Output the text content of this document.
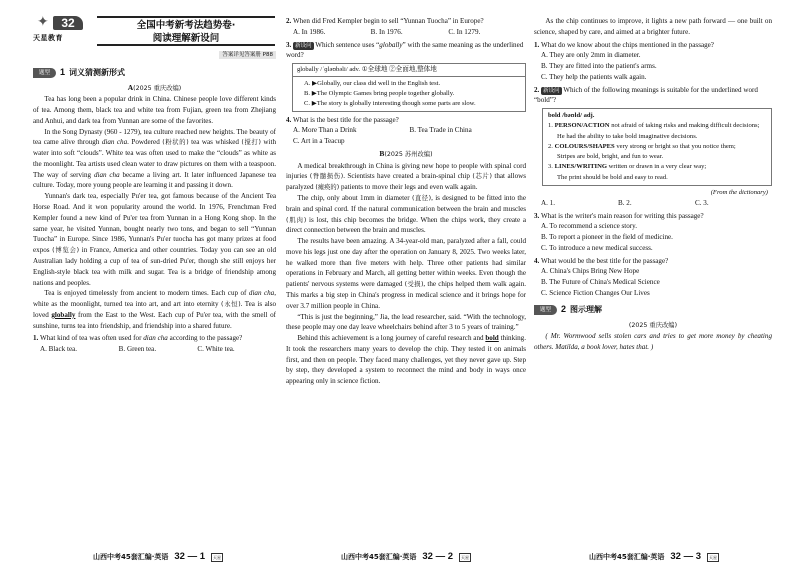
✦	32
天星教育
全国中考新考法趋势卷·
阅读理解新设问
答案详见答案册 P88
题型	1 词义猜测新形式
A(2025 重庆改编)

Tea has long been a popular drink in China. Chinese people love different kinds of tea. Among them, black tea and white tea from Fujian, green tea from Zhejiang and Anhui, and dark tea from Yunnan are some of the favorites.

In the Song Dynasty (960 - 1279), tea culture reached new heights. The beauty of tea came alive through dian cha. Powdered (粉状的) tea was whisked (搅打) with water into soft “clouds”. White tea was often used to make the “clouds” as white as the moonlight. Tea artists used clean water to draw pictures on them with a teaspoon. The way of serving dian cha became a living art. It later influenced Japanese tea culture. Today, more young people are learning it and passing it down.

Yunnan's dark tea, especially Pu'er tea, got famous because of the Ancient Tea Horse Road. And it won popularity around the world. In 1976, Frenchman Fred Kempler found a new kind of Pu'er tea from Yunnan in a Hong Kong shop. In the same year, he visited Yunnan, bought nearly two tons, and began to sell “Yunnan Tuocha” in Europe. Since 1986, Yunnan's Pu'er tuocha has got many prizes at food expos (博览会) in France, America and other countries. Today you can see an old Australian lady holding a cup of tea of sun-dried Pu'er, though she still enjoys her English-style black tea with milk and sugar. Tea is a bridge of friendship among nations and peoples.

Tea is enjoyed timelessly from ancient to modern times. Each cup of dian cha, white as the moonlight, turned tea into art, and art into eternity (永恒). Tea is also loved globally from the East to the West. Each cup of Pu'er tea, with the smell of sunshine, turns tea into friendship, and friendship into a shared future.

1. What kind of tea was often used for dian cha according to the passage?

A. Black tea.	B. Green tea.	C. White tea.

2. When did Fred Kempler begin to sell “Yunnan Tuocha” in Europe?

A. In 1986.	B. In 1976.	C. In 1279.

3. 新设问 Which sentence uses “globally” with the same meaning as the underlined word?

globally /ˈɡləʊbəli/ adv. ①全球地 ②全面地,整体地
A. ▶Globally, our class did well in the English test.
B. ▶The Olympic Games bring people together globally.
C. ▶The story is globally interesting though some parts are slow.

4. What is the best title for the passage?

A. More Than a Drink	B. Tea Trade in China
C. Art in a Teacup
B(2025 苏州改编)

A medical breakthrough in China is giving new hope to people with spinal cord injuries (脊髓损伤). Scientists have created a brain-spinal chip (芯片) that allows paralyzed (瘫痪的) patients to move their legs and even walk again.

The chip, only about 1mm in diameter (直径), is designed to be fitted into the brain and spinal cord. If the natural communication between the brain and muscles (肌肉) is lost, this chip becomes the bridge. When the chips work, they create a direct connection between the brain and muscles.

The results have been amazing. A 34-year-old man, paralyzed after a fall, could move his legs just one day after the operation on January 8, 2025. Two weeks later, he walked more than five meters with help. Three other patients had similar operations in February and March, all getting better within weeks. Even though the patients' nervous systems were damaged (受损), the chips helped them walk again. This marks a big step in China's progress in medical science and it brings hope for over 3.7 million people in China.

“This is just the beginning,” Jia, the lead researcher, said. “With the technology, these people may one day leave wheelchairs behind after 3 to 5 years of training.”

Behind this achievement is a long journey of careful research and bold thinking. It took the researchers many years to develop the chip. They tested it on animals first, and then on people. They faced many challenges, yet they never gave up. Step by step, they developed a system to reconnect the mind and body in ways once appearing only in science fiction.

As the chip continues to improve, it lights a new path forward — one built on science, shaped by care, and aimed at a brighter future.

1. What do we know about the chips mentioned in the passage?

A. They are only 2mm in diameter.
B. They are fitted into the patient's arms.
C. They help the patients walk again.

2. 新设问 Which of the following meanings is suitable for the underlined word “bold”?

bold /bəʊld/ adj.
1. PERSON/ACTION not afraid of taking risks and making difficult decisions;
He had the ability to take bold imaginative decisions.
2. COLOURS/SHAPES very strong or bright so that you notice them;
Stripes are bold, bright, and fun to wear.
3. LINES/WRITING written or drawn in a very clear way;
The print should be bold and easy to read.
(From the dictionary)
A. 1.	B. 2.	C. 3.

3. What is the writer's main reason for writing this passage?

A. To recommend a science story.
B. To report a pioneer in the field of medicine.
C. To introduce a new medical success.

4. What would be the best title for the passage?

A. China's Chips Bring New Hope
B. The Future of China's Medical Science
C. Science Fiction Changes Our Lives
题型	2 图示理解
(2025 重庆改编)

( Mr. Wormwood sells stolen cars and tries to get more money by cheating others. Matilda, a book lover, hates that. )

山西中考45套汇编·英语 32 — 1	天星	山西中考45套汇编·英语 32 — 2	天星	山西中考45套汇编·英语 32 — 3	天星
